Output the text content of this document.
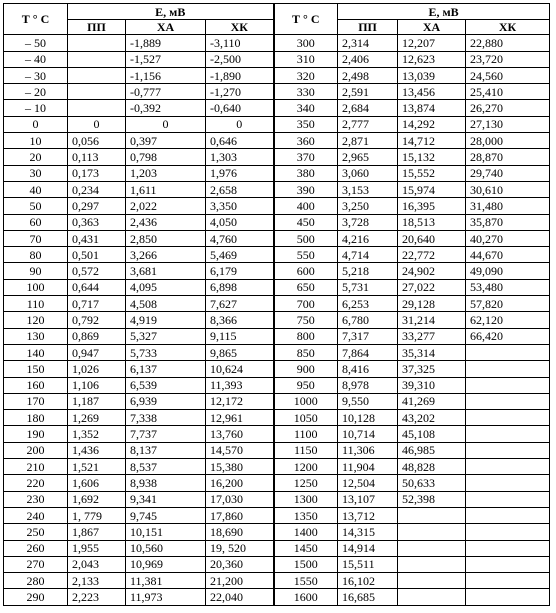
Т ° С	Е, мВ			Т ° С	Е, мВ		
	ПП	ХА	ХК		ПП	ХА	ХК
– 50		-1,889	-3,110	300	2,314	12,207	22,880
– 40		-1,527	-2,500	310	2,406	12,623	23,720
– 30		-1,156	-1,890	320	2,498	13,039	24,560
– 20		-0,777	-1,270	330	2,591	13,456	25,410
– 10		-0,392	-0,640	340	2,684	13,874	26,270
0	0	0	0	350	2,777	14,292	27,130
10	0,056	0,397	0,646	360	2,871	14,712	28,000
20	0,113	0,798	1,303	370	2,965	15,132	28,870
30	0,173	1,203	1,976	380	3,060	15,552	29,740
40	0,234	1,611	2,658	390	3,153	15,974	30,610
50	0,297	2,022	3,350	400	3,250	16,395	31,480
60	0,363	2,436	4,050	450	3,728	18,513	35,870
70	0,431	2,850	4,760	500	4,216	20,640	40,270
80	0,501	3,266	5,469	550	4,714	22,772	44,670
90	0,572	3,681	6,179	600	5,218	24,902	49,090
100	0,644	4,095	6,898	650	5,731	27,022	53,480
110	0,717	4,508	7,627	700	6,253	29,128	57,820
120	0,792	4,919	8,366	750	6,780	31,214	62,120
130	0,869	5,327	9,115	800	7,317	33,277	66,420
140	0,947	5,733	9,865	850	7,864	35,314	
150	1,026	6,137	10,624	900	8,416	37,325	
160	1,106	6,539	11,393	950	8,978	39,310	
170	1,187	6,939	12,172	1000	9,550	41,269	
180	1,269	7,338	12,961	1050	10,128	43,202	
190	1,352	7,737	13,760	1100	10,714	45,108	
200	1,436	8,137	14,570	1150	11,306	46,985	
210	1,521	8,537	15,380	1200	11,904	48,828	
220	1,606	8,938	16,200	1250	12,504	50,633	
230	1,692	9,341	17,030	1300	13,107	52,398	
240	1, 779	9,745	17,860	1350	13,712		
250	1,867	10,151	18,690	1400	14,315		
260	1,955	10,560	19, 520	1450	14,914		
270	2,043	10,969	20,360	1500	15,511		
280	2,133	11,381	21,200	1550	16,102		
290	2,223	11,973	22,040	1600	16,685		
